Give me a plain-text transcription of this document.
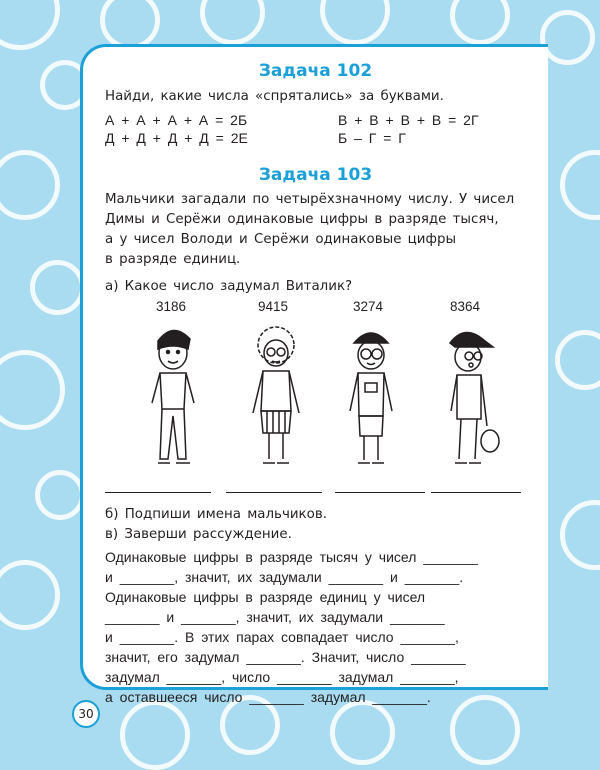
Задача 102
Найди, какие числа «спрятались» за буквами.
А + А + А + А = 2Б	В + В + В + В = 2Г
Д + Д + Д + Д = 2Е	Б – Г = Г
Задача 103
Мальчики загадали по четырёхзначному числу. У чисел
Димы и Серёжи одинаковые цифры в разряде тысяч,
а у чисел Володи и Серёжи одинаковые цифры
в разряде единиц.
а) Какое число задумал Виталик?
3186	9415	3274	8364
б) Подпиши имена мальчиков.
в) Заверши рассуждение.
Одинаковые цифры в разряде тысяч у чисел _______
и _______, значит, их задумали _______ и _______.
Одинаковые цифры в разряде единиц у чисел
_______ и _______, значит, их задумали _______
и _______. В этих парах совпадает число _______,
значит, его задумал _______. Значит, число _______
задумал _______, число _______ задумал _______,
а оставшееся число _______ задумал _______.
30
